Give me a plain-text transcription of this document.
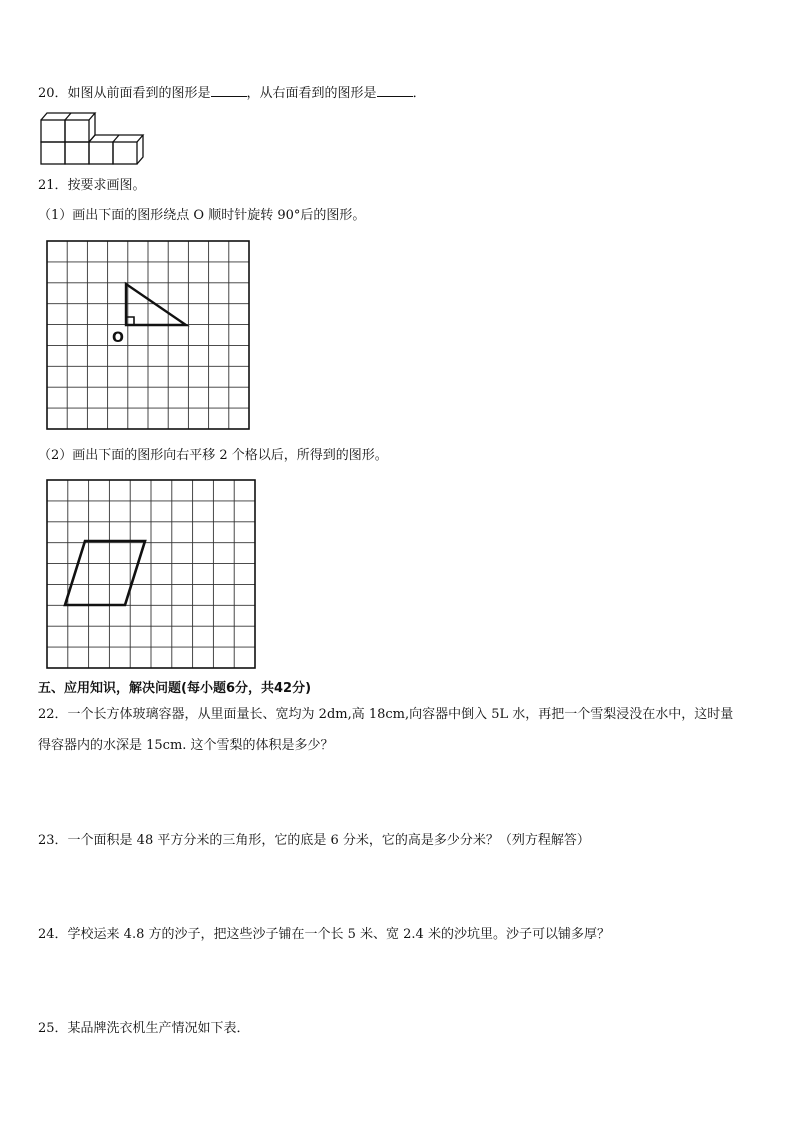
20．如图从前面看到的图形是	，从右面看到的图形是	．
21．按要求画图。
（1）画出下面的图形绕点 O 顺时针旋转 90°后的图形。
O
（2）画出下面的图形向右平移 2 个格以后，所得到的图形。
五、应用知识，解决问题(每小题6分，共42分)
22．一个长方体玻璃容器，从里面量长、宽均为 2dm,高 18cm,向容器中倒入 5L 水，再把一个雪梨浸没在水中，这时量
得容器内的水深是 15cm. 这个雪梨的体积是多少？
23．一个面积是 48 平方分米的三角形，它的底是 6 分米，它的高是多少分米？（列方程解答）
24．学校运来 4.8 方的沙子，把这些沙子铺在一个长 5 米、宽 2.4 米的沙坑里。沙子可以铺多厚？
25．某品牌洗衣机生产情况如下表．
